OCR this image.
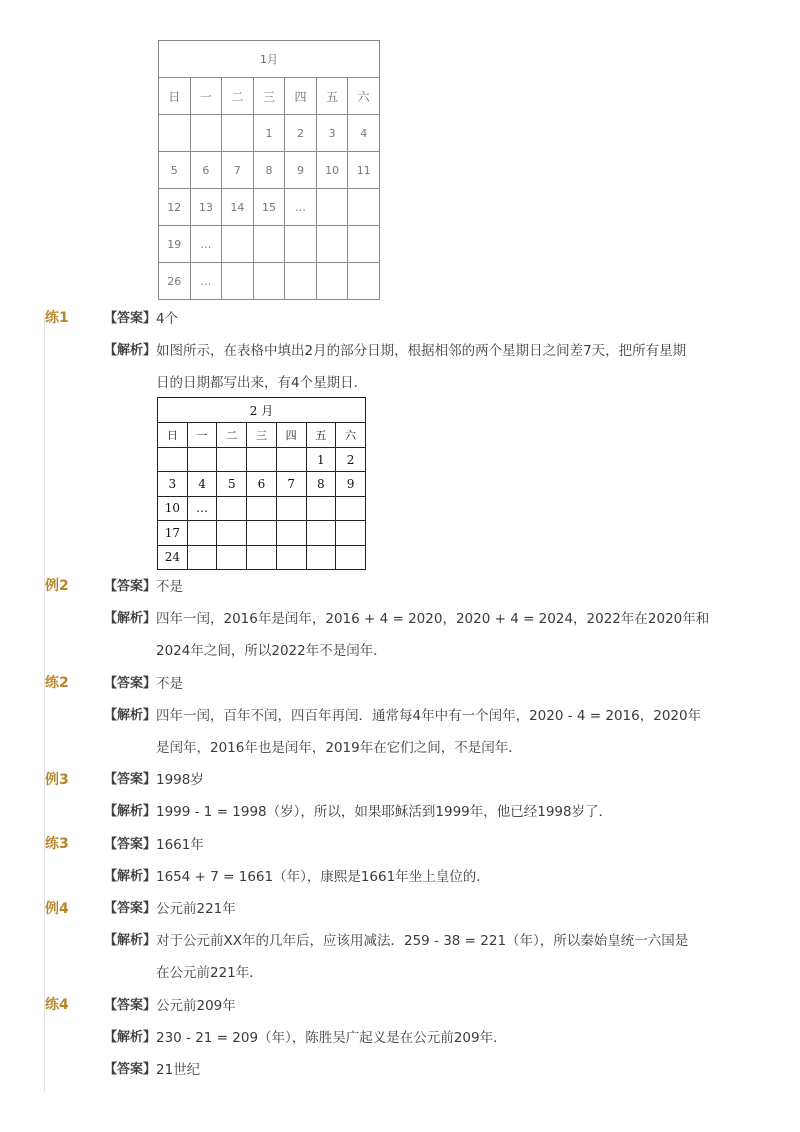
1月						
日	一	二	三	四	五	六
			1	2	3	4
5	6	7	8	9	10	11
12	13	14	15	…		
19	…					
26	…					
练1	【答案】 4个
【解析】 如图所示，在表格中填出2月的部分日期，根据相邻的两个星期日之间差7天，把所有星期
日的日期都写出来，有4个星期日．
2 月						
日	一	二	三	四	五	六
					1	2
3	4	5	6	7	8	9
10	…					
17						
24						
例2	【答案】 不是
【解析】 四年一闰，2016年是闰年，2016 + 4 = 2020，2020 + 4 = 2024，2022年在2020年和
2024年之间，所以2022年不是闰年．
练2	【答案】 不是
【解析】 四年一闰，百年不闰，四百年再闰．通常每4年中有一个闰年，2020 - 4 = 2016，2020年
是闰年，2016年也是闰年，2019年在它们之间，不是闰年．
例3	【答案】 1998岁
【解析】 1999 - 1 = 1998（岁），所以，如果耶稣活到1999年，他已经1998岁了．
练3	【答案】 1661年
【解析】 1654 + 7 = 1661（年），康熙是1661年坐上皇位的．
例4	【答案】 公元前221年
【解析】 对于公元前XX年的几年后，应该用减法．259 - 38 = 221（年），所以秦始皇统一六国是
在公元前221年．
练4	【答案】 公元前209年
【解析】 230 - 21 = 209（年），陈胜吴广起义是在公元前209年．
【答案】 21世纪
